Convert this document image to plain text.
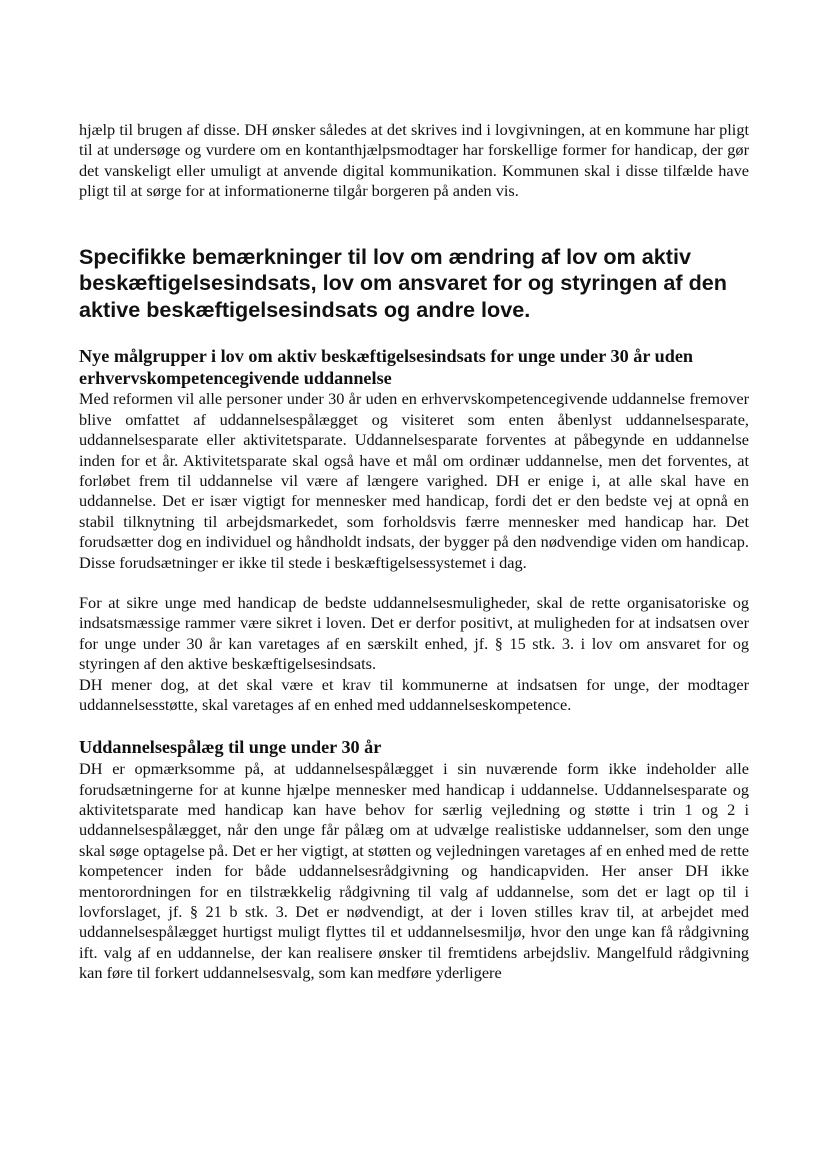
hjælp til brugen af disse. DH ønsker således at det skrives ind i lovgivningen, at en kommune har pligt til at undersøge og vurdere om en kontanthjælpsmodtager har forskellige former for handicap, der gør det vanskeligt eller umuligt at anvende digital kommunikation. Kommunen skal i disse tilfælde have pligt til at sørge for at informationerne tilgår borgeren på anden vis.

Specifikke bemærkninger til lov om ændring af lov om aktiv beskæftigelsesindsats, lov om ansvaret for og styringen af den aktive beskæftigelsesindsats og andre love.
Nye målgrupper i lov om aktiv beskæftigelsesindsats for unge under 30 år uden erhvervskompetencegivende uddannelse

Med reformen vil alle personer under 30 år uden en erhvervskompetencegivende uddannelse fremover blive omfattet af uddannelsespålægget og visiteret som enten åbenlyst uddannelsesparate, uddannelsesparate eller aktivitetsparate. Uddannelsesparate forventes at påbegynde en uddannelse inden for et år. Aktivitetsparate skal også have et mål om ordinær uddannelse, men det forventes, at forløbet frem til uddannelse vil være af længere varighed. DH er enige i, at alle skal have en uddannelse. Det er især vigtigt for mennesker med handicap, fordi det er den bedste vej at opnå en stabil tilknytning til arbejdsmarkedet, som forholdsvis færre mennesker med handicap har. Det forudsætter dog en individuel og håndholdt indsats, der bygger på den nødvendige viden om handicap. Disse forudsætninger er ikke til stede i beskæftigelsessystemet i dag.

For at sikre unge med handicap de bedste uddannelsesmuligheder, skal de rette organisatoriske og indsatsmæssige rammer være sikret i loven. Det er derfor positivt, at muligheden for at indsatsen over for unge under 30 år kan varetages af en særskilt enhed, jf. § 15 stk. 3. i lov om ansvaret for og styringen af den aktive beskæftigelsesindsats.

DH mener dog, at det skal være et krav til kommunerne at indsatsen for unge, der modtager uddannelsesstøtte, skal varetages af en enhed med uddannelseskompetence.

Uddannelsespålæg til unge under 30 år

DH er opmærksomme på, at uddannelsespålægget i sin nuværende form ikke indeholder alle forudsætningerne for at kunne hjælpe mennesker med handicap i uddannelse. Uddannelsesparate og aktivitetsparate med handicap kan have behov for særlig vejledning og støtte i trin 1 og 2 i uddannelsespålægget, når den unge får pålæg om at udvælge realistiske uddannelser, som den unge skal søge optagelse på. Det er her vigtigt, at støtten og vejledningen varetages af en enhed med de rette kompetencer inden for både uddannelsesrådgivning og handicapviden. Her anser DH ikke mentorordningen for en tilstrækkelig rådgivning til valg af uddannelse, som det er lagt op til i lovforslaget, jf. § 21 b stk. 3. Det er nødvendigt, at der i loven stilles krav til, at arbejdet med uddannelsespålægget hurtigst muligt flyttes til et uddannelsesmiljø, hvor den unge kan få rådgivning ift. valg af en uddannelse, der kan realisere ønsker til fremtidens arbejdsliv. Mangelfuld rådgivning kan føre til forkert uddannelsesvalg, som kan medføre yderligere
